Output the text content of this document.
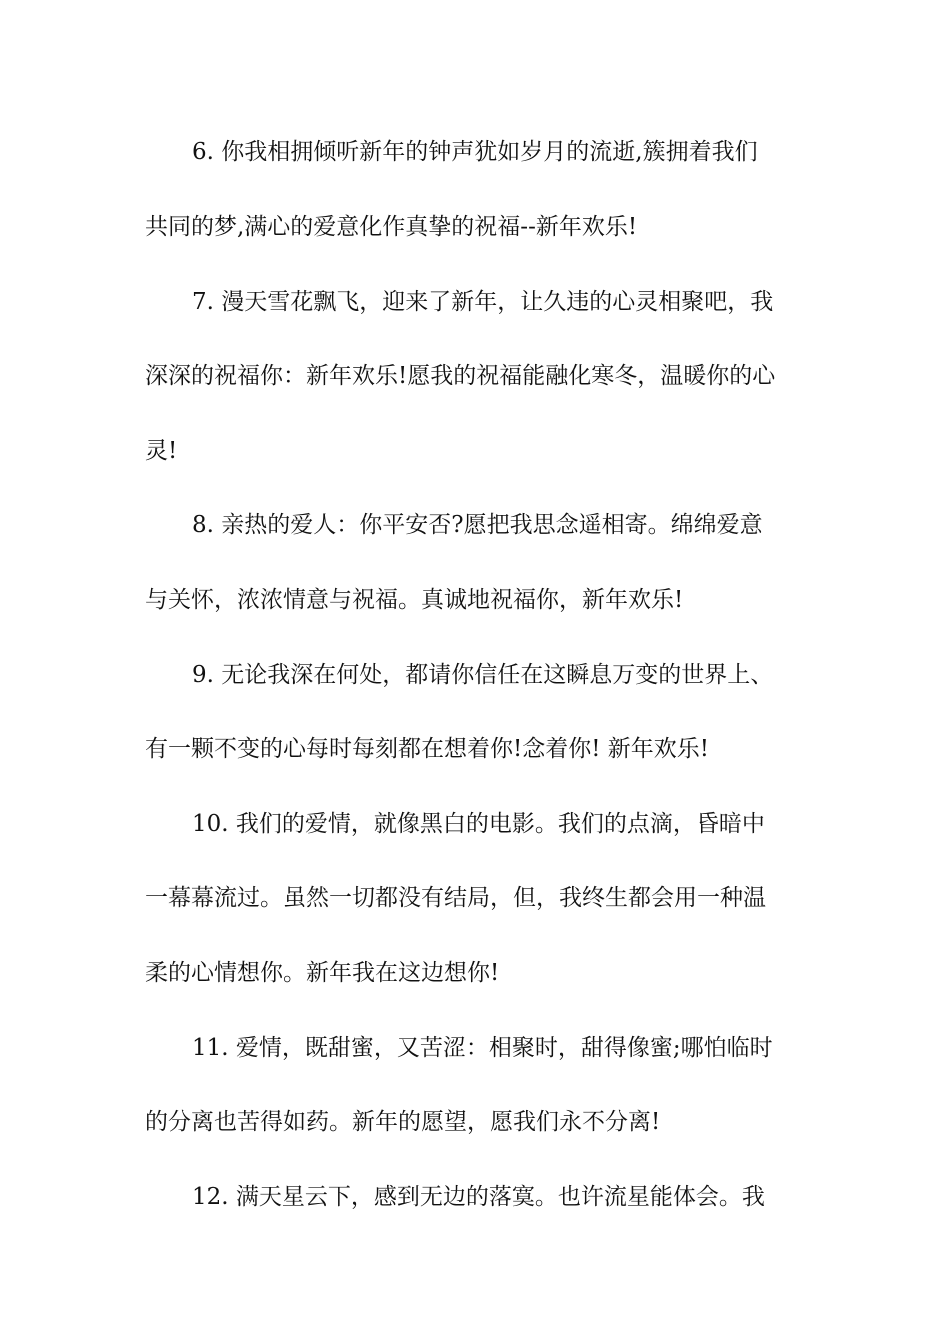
6. 你我相拥倾听新年的钟声犹如岁月的流逝,簇拥着我们
共同的梦,满心的爱意化作真挚的祝福--新年欢乐!
7. 漫天雪花飘飞，迎来了新年，让久违的心灵相聚吧，我
深深的祝福你：新年欢乐!愿我的祝福能融化寒冬，温暖你的心
灵!
8. 亲热的爱人：你平安否?愿把我思念遥相寄。绵绵爱意
与关怀，浓浓情意与祝福。真诚地祝福你，新年欢乐!
9. 无论我深在何处，都请你信任在这瞬息万变的世界上、
有一颗不变的心每时每刻都在想着你!念着你! 新年欢乐!
10. 我们的爱情，就像黑白的电影。我们的点滴，昏暗中
一幕幕流过。虽然一切都没有结局，但，我终生都会用一种温
柔的心情想你。新年我在这边想你!
11. 爱情，既甜蜜，又苦涩：相聚时，甜得像蜜;哪怕临时
的分离也苦得如药。新年的愿望，愿我们永不分离!
12. 满天星云下，感到无边的落寞。也许流星能体会。我
